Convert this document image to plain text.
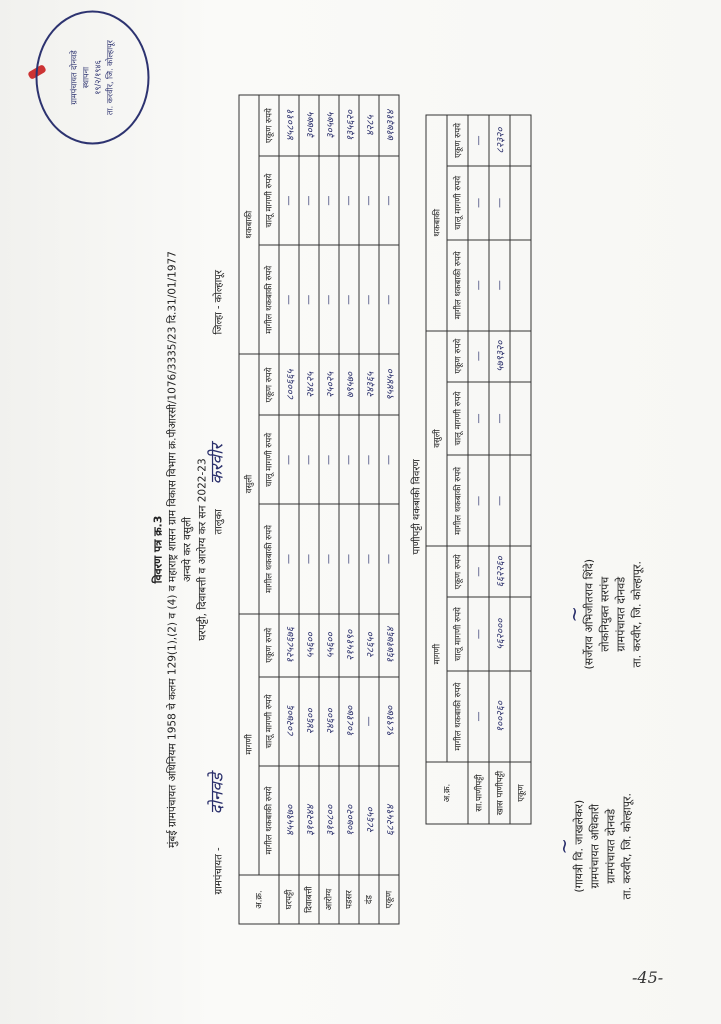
विवरण पत्र क्र.3 मुंबई ग्रामपंचायत अधिनियम 1958 चे कलम 129(1),(2) व (4) व महाराष्ट्र शासन ग्राम विकास विभाग क्र.पीआरसी/1076/3335/23 दि.31/01/1977 अन्वये कर वसुली घरपट्टी, दिवाबत्ती व आरोग्य कर सन 2022-23
ग्रामपंचायत -
दोनवडे
तालुका
करवीर
जिल्हा - कोल्हापूर
अ.क्र.	मागणी			वसुली			थकबाकी		
	मागील थकबाकी रुपये	चालू मागणी रुपये	एकूण रुपये	मागील थकबाकी रुपये	चालू मागणी रुपये	एकूण रुपये	मागील थकबाकी रुपये	चालू मागणी रुपये	एकूण रुपये
घरपट्टी	४५५९७०	८०२७०६	१२५८६७६	—	—	८००६६५	—	—	४५८०११
दिवाबत्ती	३१०२४४	२४६००	५५६००	—	—	२४८२५	—	—	३०७७५
आरोग्य	३१०८००	२४६००	५५६००	—	—	२५०२५	—	—	३०५७५
पडसर	१०७०२०	१०८१७०	२१५१९०	—	—	७९५७०	—	—	१३५६२०
दंड	२८६५०	—	२८६५०	—	—	२४३६५	—	—	४२८५
एकूण	६८२५९४	९८९१७०	१६७१७६४	—	—	९५४४५०	—	—	७१७३१४
पाणीपट्टी थकबाकी विवरण
अ.क्र.	मागणी			वसुली			थकबाकी		
	मागील थकबाकी रुपये	चालू मागणी रुपये	एकूण रुपये	मागील थकबाकी रुपये	चालू मागणी रुपये	एकूण रुपये	मागील थकबाकी रुपये	चालू मागणी रुपये	एकूण रुपये
सा.पाणीपट्टी	—	—	—	—	—	—	—	—	—
खास पाणीपट्टी	१००२६०	५६२०००	६६२२६०	—	—	५७९३२०	—	—	८२३२०
एकूण									
~
(गायत्री वि. जाखलेकर) ग्रामपंचायत अधिकारी ग्रामपंचायत दोनवडे ता. करवीर, जि. कोल्हापूर.
~
(सर्जेराव अभिजीतराव शिंदे) लोकनियुक्त सरपंच ग्रामपंचायत दोनवडे ता. करवीर, जि. कोल्हापूर.
ग्रामपंचायत दोनवडे स्थापना १९/२/१९४६ ता. करवीर, जि. कोल्हापूर
-45-
